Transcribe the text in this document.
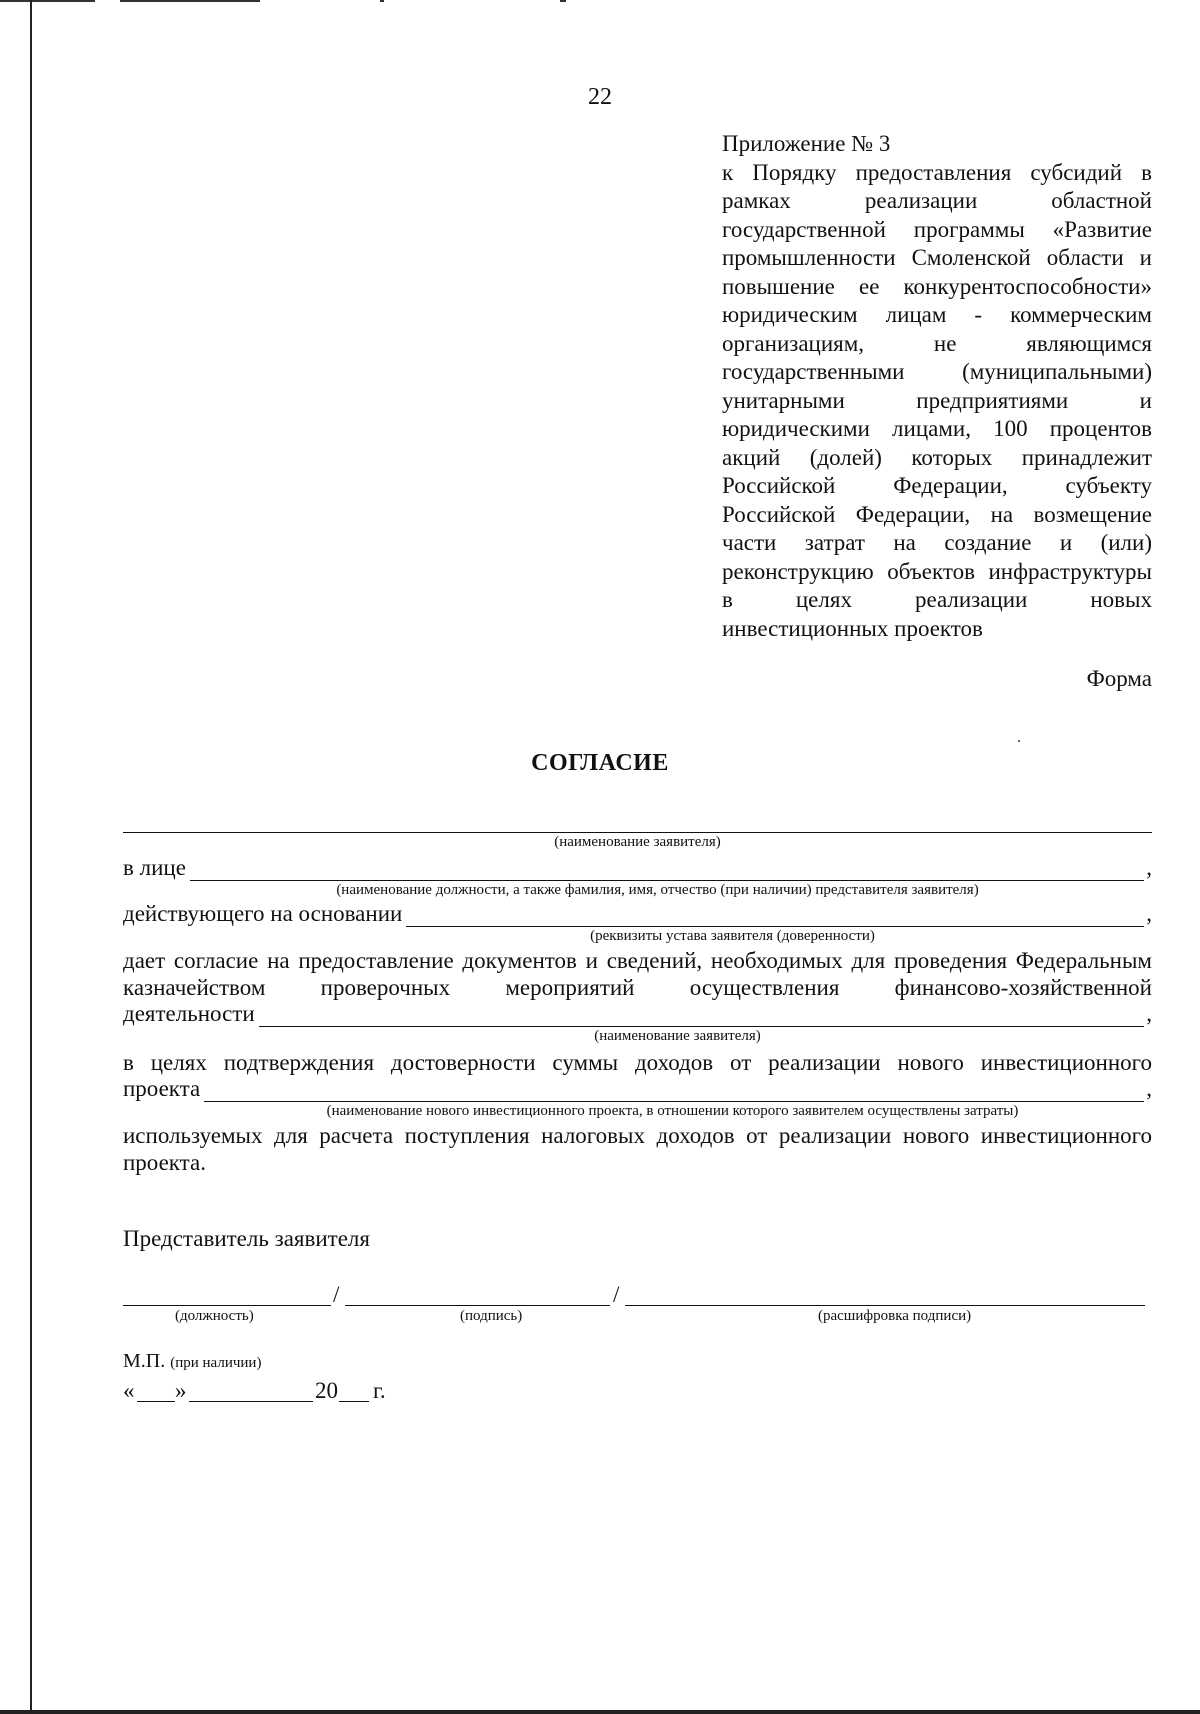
22
Приложение № 3
к Порядку предоставления субсидий в рамках реализации областной государственной программы «Развитие промышленности Смоленской области и повышение ее конкурентоспособности» юридическим лицам - коммерческим организациям, не являющимся государственными (муниципальными) унитарными предприятиями и юридическими лицами, 100 процентов акций (долей) которых принадлежит Российской Федерации, субъекту Российской Федерации, на возмещение части затрат на создание и (или) реконструкцию объектов инфраструктуры в целях реализации новых инвестиционных проектов
Форма
СОГЛАСИЕ
(наименование заявителя)
в лице	,
(наименование должности, а также фамилия, имя, отчество (при наличии) представителя заявителя)
действующего на основании	,
(реквизиты устава заявителя (доверенности)
дает согласие на предоставление документов и сведений, необходимых для проведения Федеральным казначейством проверочных мероприятий осуществления финансово-хозяйственной
деятельности	,
(наименование заявителя)
в целях подтверждения достоверности суммы доходов от реализации нового инвестиционного
проекта	,
(наименование нового инвестиционного проекта, в отношении которого заявителем осуществлены затраты)
используемых для расчета поступления налоговых доходов от реализации нового инвестиционного проекта.
Представитель заявителя
/	/
(должность)	(подпись)	(расшифровка подписи)
М.П. (при наличии)
« »	20 г.
